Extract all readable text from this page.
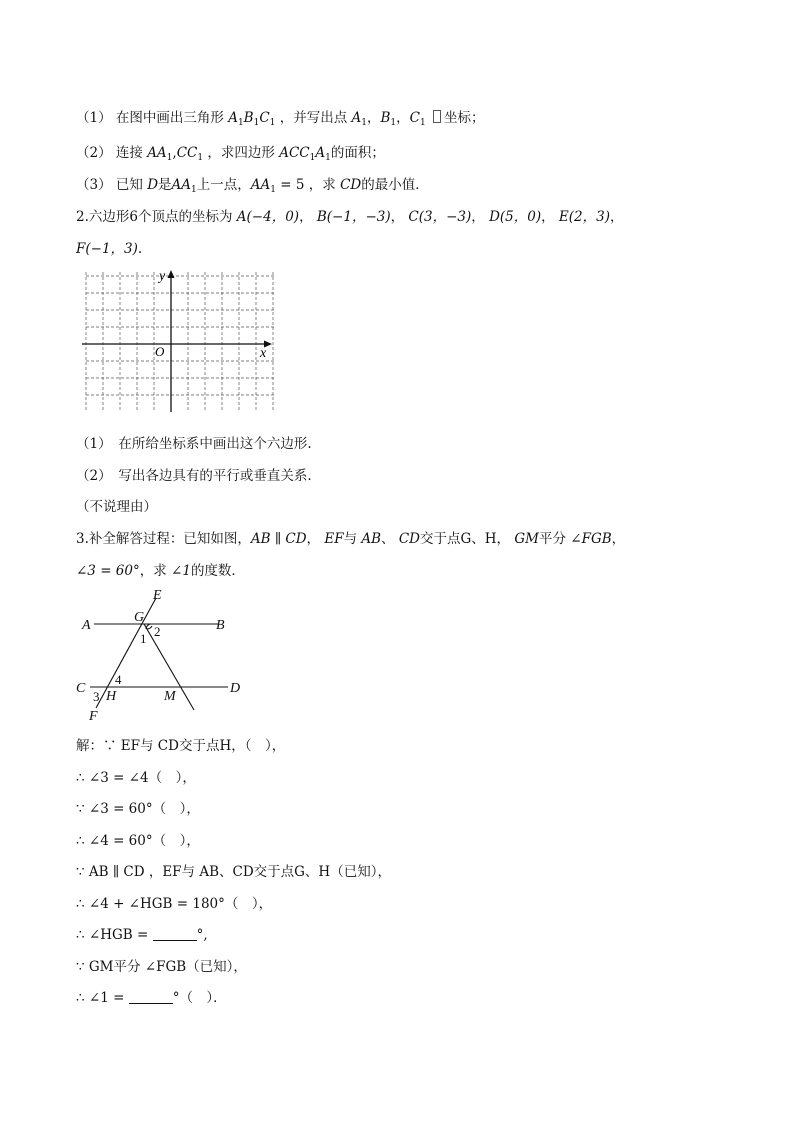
（1） 在图中画出三角形 $A_1B_1C_1$ ，并写出点 $A_1$，$B_1$，$C_1$ 坐标；
（2） 连接 $AA_1,CC_1$ ，求四边形 $ACC_1A_1$的面积；
（3） 已知 D是$AA_1$上一点，$AA_1 = 5$ ，求 CD的最小值．
2.六边形6个顶点的坐标为 A(−4，0)， B(−1，−3)， C(3，−3)， D(5，0)， E(2，3)，
F(−1，3).
x
y
O
（1）　在所给坐标系中画出这个六边形.
（2）　写出各边具有的平行或垂直关系.
（不说理由）
3.补全解答过程：已知如图，AB ∥ CD， EF与 AB、 CD交于点G、H， GM平分 ∠FGB，
∠3 = 60°，求 ∠1的度数．
A	B
C	D
E
F
G
H	M
1 2
3
4
解：∵ EF与 CD交于点H，（　），
∴ ∠3 = ∠4（　），
∵ ∠3 = 60°（　），
∴ ∠4 = 60°（　），
∵ AB ∥ CD ，EF与 AB、CD交于点G、H（已知），
∴ ∠4 + ∠HGB = 180°（　），
∴ ∠HGB =	°,
∵ GM平分 ∠FGB（已知），
∴ ∠1 =	°（　）．
